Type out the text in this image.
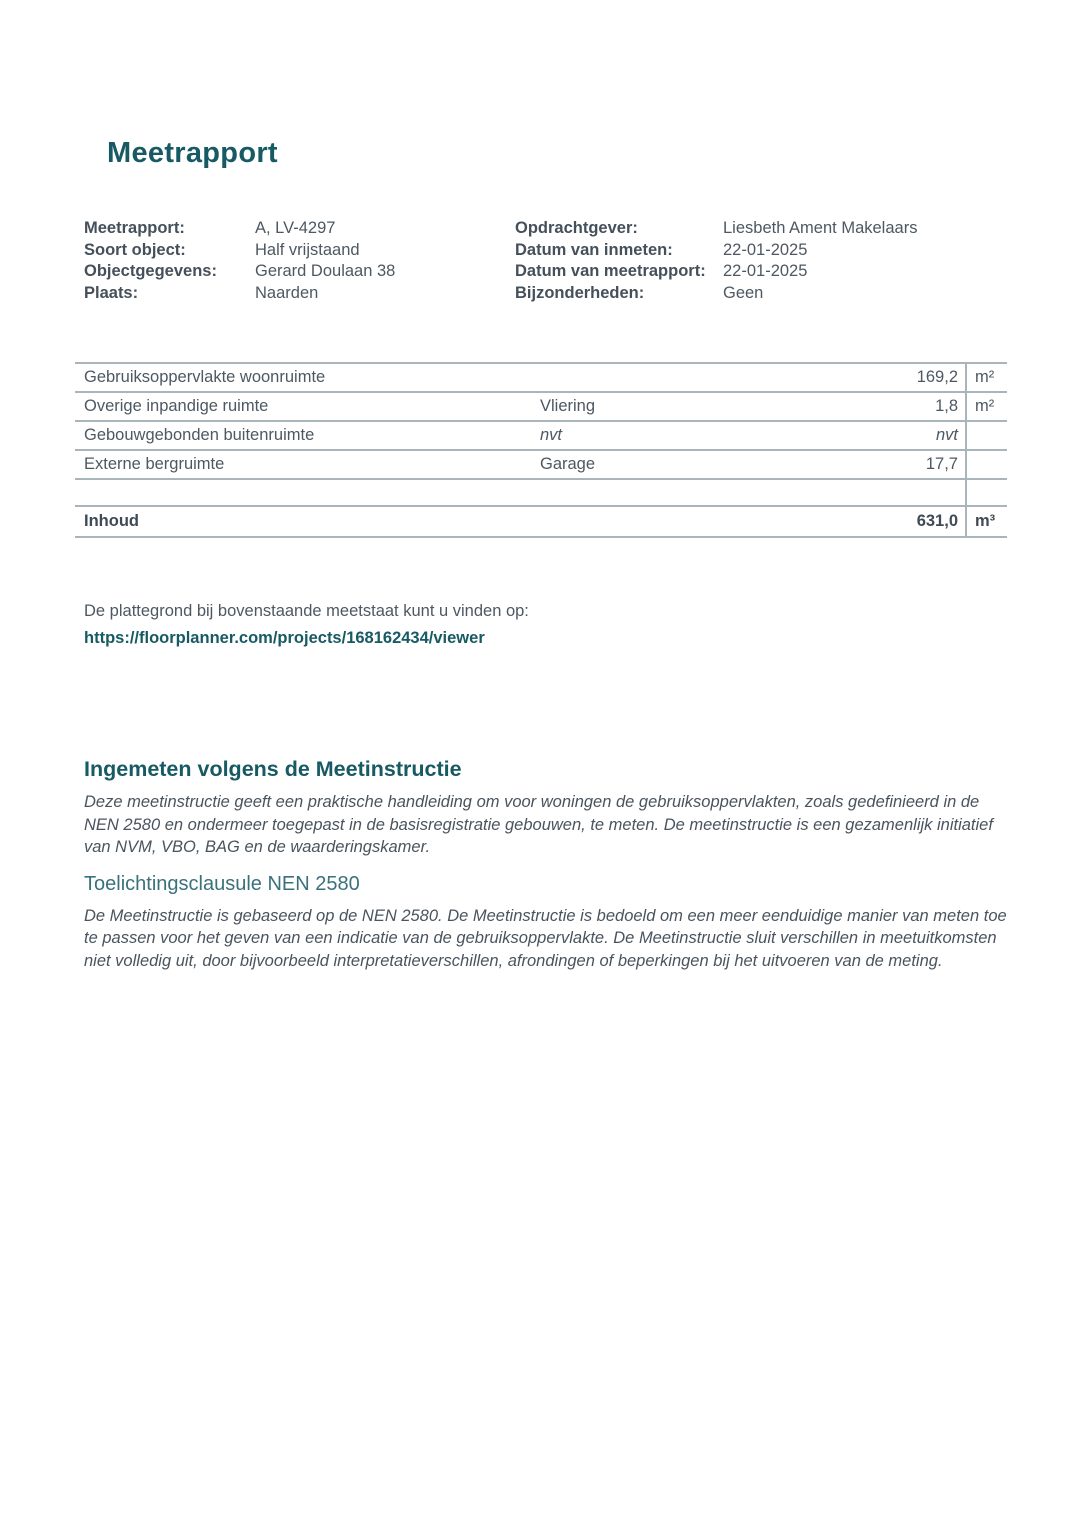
Meetrapport
Meetrapport:	A, LV-4297
Soort object:	Half vrijstaand
Objectgegevens:	Gerard Doulaan 38
Plaats:	Naarden
Opdrachtgever:	Liesbeth Ament Makelaars
Datum van inmeten:	22-01-2025
Datum van meetrapport:	22-01-2025
Bijzonderheden:	Geen
Gebruiksoppervlakte woonruimte	169,2	m²
Overige inpandige ruimte	Vliering	1,8	m²
Gebouwgebonden buitenruimte	nvt	nvt
Externe bergruimte	Garage	17,7
Inhoud	631,0	m³
De plattegrond bij bovenstaande meetstaat kunt u vinden op:
https://floorplanner.com/projects/168162434/viewer
Ingemeten volgens de Meetinstructie

Deze meetinstructie geeft een praktische handleiding om voor woningen de gebruiksoppervlakten, zoals gedefinieerd in de NEN 2580 en ondermeer toegepast in de basisregistratie gebouwen, te meten. De meetinstructie is een gezamenlijk initiatief van NVM, VBO, BAG en de waarderingskamer.

Toelichtingsclausule NEN 2580

De Meetinstructie is gebaseerd op de NEN 2580. De Meetinstructie is bedoeld om een meer eenduidige manier van meten toe te passen voor het geven van een indicatie van de gebruiksoppervlakte. De Meetinstructie sluit verschillen in meetuitkomsten niet volledig uit, door bijvoorbeeld interpretatieverschillen, afrondingen of beperkingen bij het uitvoeren van de meting.
